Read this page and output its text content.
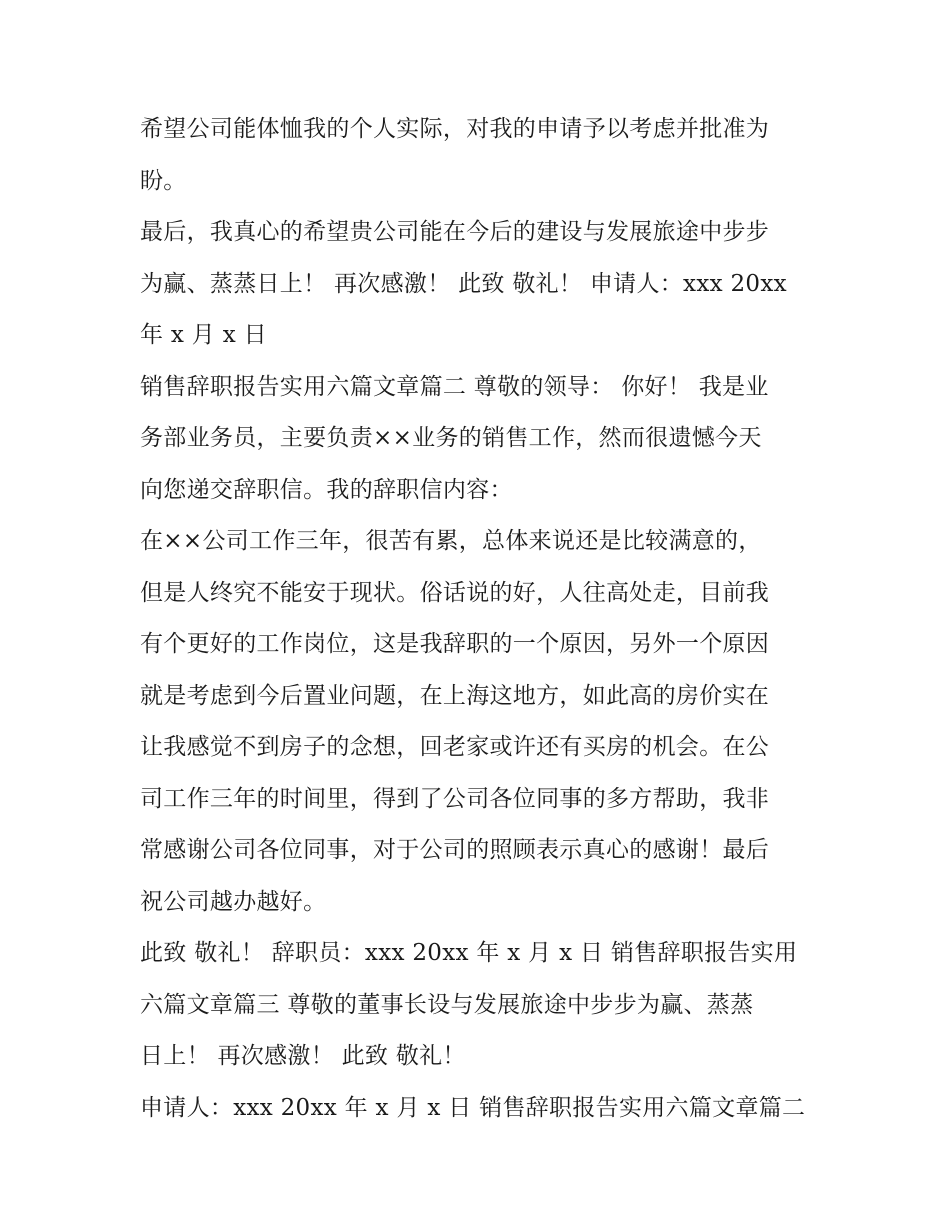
希望公司能体恤我的个人实际，对我的申请予以考虑并批准为
盼。
最后，我真心的希望贵公司能在今后的建设与发展旅途中步步
为赢、蒸蒸日上！ 再次感激！ 此致 敬礼！ 申请人：xxx 20xx
年 x 月 x 日
销售辞职报告实用六篇文章篇二 尊敬的领导： 你好！ 我是业
务部业务员，主要负责××业务的销售工作，然而很遗憾今天
向您递交辞职信。我的辞职信内容：
在××公司工作三年，很苦有累，总体来说还是比较满意的，
但是人终究不能安于现状。俗话说的好，人往高处走，目前我
有个更好的工作岗位，这是我辞职的一个原因，另外一个原因
就是考虑到今后置业问题，在上海这地方，如此高的房价实在
让我感觉不到房子的念想，回老家或许还有买房的机会。在公
司工作三年的时间里，得到了公司各位同事的多方帮助，我非
常感谢公司各位同事，对于公司的照顾表示真心的感谢！最后
祝公司越办越好。
此致 敬礼！ 辞职员：xxx 20xx 年 x 月 x 日 销售辞职报告实用
六篇文章篇三 尊敬的董事长设与发展旅途中步步为赢、蒸蒸
日上！ 再次感激！ 此致 敬礼！
申请人：xxx 20xx 年 x 月 x 日 销售辞职报告实用六篇文章篇二
